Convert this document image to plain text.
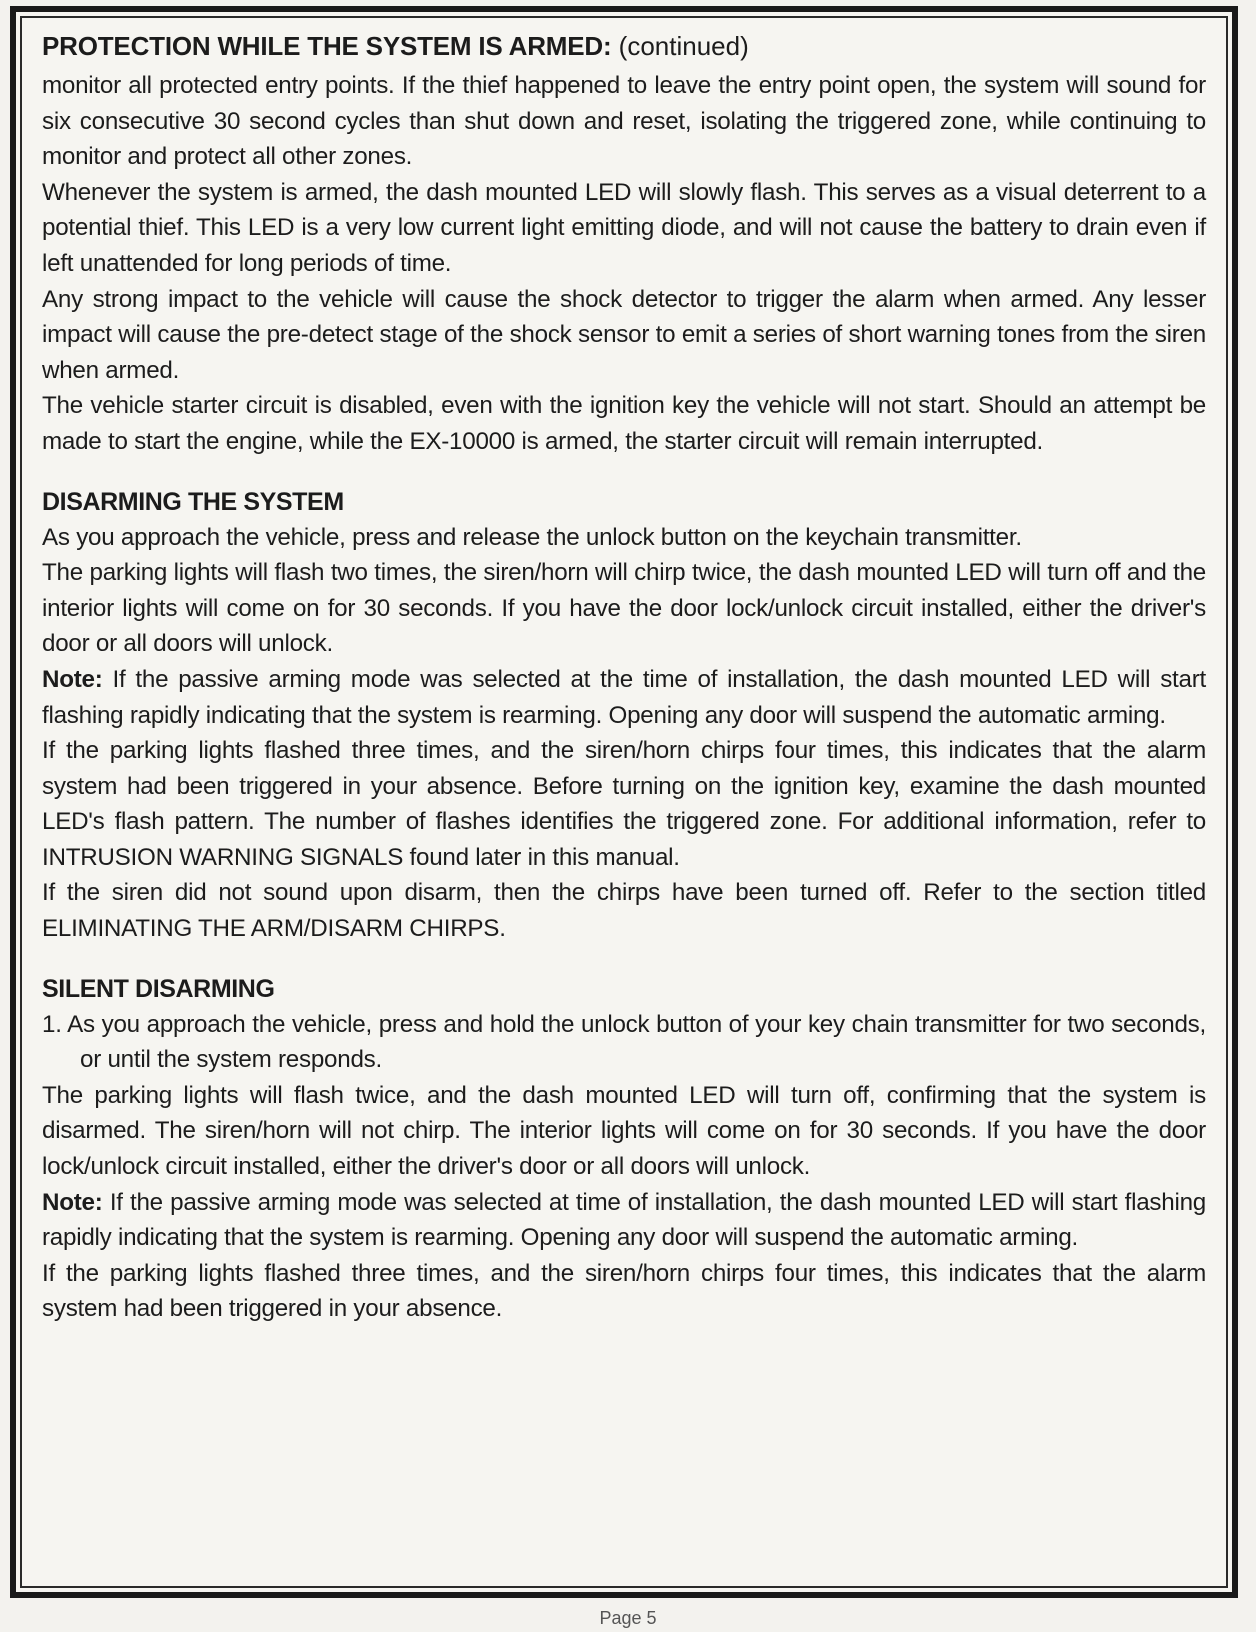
PROTECTION WHILE THE SYSTEM IS ARMED: (continued)

monitor all protected entry points. If the thief happened to leave the entry point open, the system will sound for six consecutive 30 second cycles than shut down and reset, isolating the triggered zone, while continuing to monitor and protect all other zones.

Whenever the system is armed, the dash mounted LED will slowly flash. This serves as a visual deterrent to a potential thief. This LED is a very low current light emitting diode, and will not cause the battery to drain even if left unattended for long periods of time.

Any strong impact to the vehicle will cause the shock detector to trigger the alarm when armed. Any lesser impact will cause the pre-detect stage of the shock sensor to emit a series of short warning tones from the siren when armed.

The vehicle starter circuit is disabled, even with the ignition key the vehicle will not start. Should an attempt be made to start the engine, while the EX-10000 is armed, the starter circuit will remain interrupted.

DISARMING THE SYSTEM

As you approach the vehicle, press and release the unlock button on the keychain transmitter.

The parking lights will flash two times, the siren/horn will chirp twice, the dash mounted LED will turn off and the interior lights will come on for 30 seconds. If you have the door lock/unlock circuit installed, either the driver's door or all doors will unlock.

Note: If the passive arming mode was selected at the time of installation, the dash mounted LED will start flashing rapidly indicating that the system is rearming. Opening any door will suspend the automatic arming.

If the parking lights flashed three times, and the siren/horn chirps four times, this indicates that the alarm system had been triggered in your absence. Before turning on the ignition key, examine the dash mounted LED's flash pattern. The number of flashes identifies the triggered zone. For additional information, refer to INTRUSION WARNING SIGNALS found later in this manual.

If the siren did not sound upon disarm, then the chirps have been turned off. Refer to the section titled ELIMINATING THE ARM/DISARM CHIRPS.

SILENT DISARMING

1. As you approach the vehicle, press and hold the unlock button of your key chain transmitter for two seconds, or until the system responds.

The parking lights will flash twice, and the dash mounted LED will turn off, confirming that the system is disarmed. The siren/horn will not chirp. The interior lights will come on for 30 seconds. If you have the door lock/unlock circuit installed, either the driver's door or all doors will unlock.

Note: If the passive arming mode was selected at time of installation, the dash mounted LED will start flashing rapidly indicating that the system is rearming. Opening any door will suspend the automatic arming.

If the parking lights flashed three times, and the siren/horn chirps four times, this indicates that the alarm system had been triggered in your absence.

Page 5
